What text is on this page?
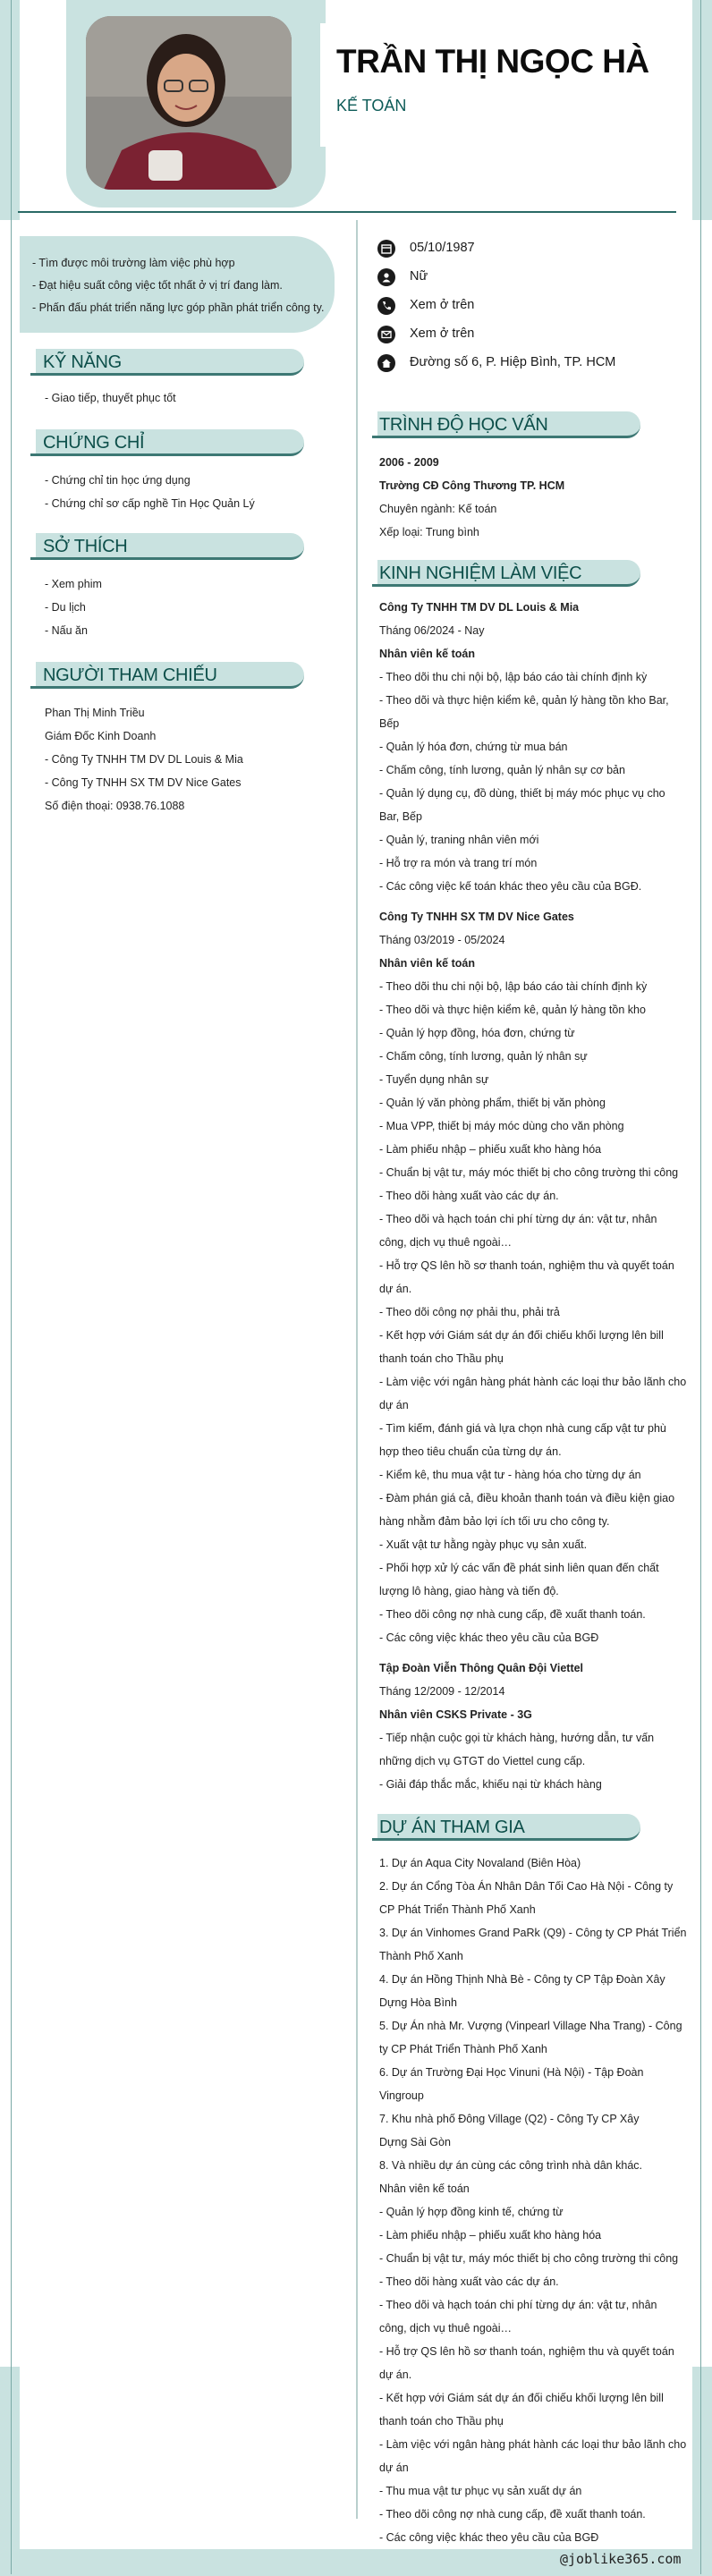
TRẦN THỊ NGỌC HÀ
KẾ TOÁN

- Tìm được môi trường làm việc phù hợp

- Đạt hiệu suất công việc tốt nhất ở vị trí đang làm.

- Phấn đấu phát triển năng lực góp phần phát triển công ty.

KỸ NĂNG
- Giao tiếp, thuyết phục tốt
CHỨNG CHỈ
- Chứng chỉ tin học ứng dụng
- Chứng chỉ sơ cấp nghề Tin Học Quản Lý
SỞ THÍCH
- Xem phim
- Du lịch
- Nấu ăn
NGƯỜI THAM CHIẾU
Phan Thị Minh Triều
Giám Đốc Kinh Doanh
- Công Ty TNHH TM DV DL Louis & Mia
- Công Ty TNHH SX TM DV Nice Gates
Số điện thoại: 0938.76.1088
05/10/1987
Nữ
Xem ở trên
Xem ở trên
Đường số 6, P. Hiệp Bình, TP. HCM
TRÌNH ĐỘ HỌC VẤN
2006 - 2009
Trường CĐ Công Thương TP. HCM
Chuyên ngành: Kế toán
Xếp loại: Trung bình
KINH NGHIỆM LÀM VIỆC
Công Ty TNHH TM DV DL Louis & Mia
Tháng 06/2024 - Nay
Nhân viên kế toán
- Theo dõi thu chi nội bộ, lập báo cáo tài chính định kỳ
- Theo dõi và thực hiện kiểm kê, quản lý hàng tồn kho Bar,
Bếp
- Quản lý hóa đơn, chứng từ mua bán
- Chấm công, tính lương, quản lý nhân sự cơ bản
- Quản lý dụng cụ, đồ dùng, thiết bị máy móc phục vụ cho
Bar, Bếp
- Quản lý, traning nhân viên mới
- Hỗ trợ ra món và trang trí món
- Các công việc kế toán khác theo yêu cầu của BGĐ.
Công Ty TNHH SX TM DV Nice Gates
Tháng 03/2019 - 05/2024
Nhân viên kế toán
- Theo dõi thu chi nội bộ, lập báo cáo tài chính định kỳ
- Theo dõi và thực hiện kiểm kê, quản lý hàng tồn kho
- Quản lý hợp đồng, hóa đơn, chứng từ
- Chấm công, tính lương, quản lý nhân sự
- Tuyển dụng nhân sự
- Quản lý văn phòng phẩm, thiết bị văn phòng
- Mua VPP, thiết bị máy móc dùng cho văn phòng
- Làm phiếu nhập – phiếu xuất kho hàng hóa
- Chuẩn bị vật tư, máy móc thiết bị cho công trường thi công
- Theo dõi hàng xuất vào các dự án.
- Theo dõi và hạch toán chi phí từng dự án: vật tư, nhân
công, dịch vụ thuê ngoài…
- Hỗ trợ QS lên hồ sơ thanh toán, nghiệm thu và quyết toán
dự án.
- Theo dõi công nợ phải thu, phải trả
- Kết hợp với Giám sát dự án đối chiếu khối lượng lên bill
thanh toán cho Thầu phụ
- Làm việc với ngân hàng phát hành các loại thư bảo lãnh cho
dự án
- Tìm kiếm, đánh giá và lựa chọn nhà cung cấp vật tư phù
hợp theo tiêu chuẩn của từng dự án.
- Kiểm kê, thu mua vật tư - hàng hóa cho từng dự án
- Đàm phán giá cả, điều khoản thanh toán và điều kiện giao
hàng nhằm đảm bảo lợi ích tối ưu cho công ty.
- Xuất vật tư hằng ngày phục vụ sản xuất.
- Phối hợp xử lý các vấn đề phát sinh liên quan đến chất
lượng lô hàng, giao hàng và tiến độ.
- Theo dõi công nợ nhà cung cấp, đề xuất thanh toán.
- Các công việc khác theo yêu cầu của BGĐ
Tập Đoàn Viễn Thông Quân Đội Viettel
Tháng 12/2009 - 12/2014
Nhân viên CSKS Private - 3G
- Tiếp nhận cuộc gọi từ khách hàng, hướng dẫn, tư vấn
những dịch vụ GTGT do Viettel cung cấp.
- Giải đáp thắc mắc, khiếu nại từ khách hàng
DỰ ÁN THAM GIA
1. Dự án Aqua City Novaland (Biên Hòa)
2. Dự án Cổng Tòa Án Nhân Dân Tối Cao Hà Nội - Công ty
CP Phát Triển Thành Phố Xanh
3. Dự án Vinhomes Grand PaRk (Q9) - Công ty CP Phát Triển
Thành Phố Xanh
4. Dự án Hồng Thịnh Nhà Bè - Công ty CP Tập Đoàn Xây
Dựng Hòa Bình
5. Dự Án nhà Mr. Vượng (Vinpearl Village Nha Trang) - Công
ty CP Phát Triển Thành Phố Xanh
6. Dự án Trường Đại Học Vinuni (Hà Nội) - Tập Đoàn
Vingroup
7. Khu nhà phố Đông Village (Q2) - Công Ty CP Xây
Dựng Sài Gòn
8. Và nhiều dự án cùng các công trình nhà dân khác.
Nhân viên kế toán
- Quản lý hợp đồng kinh tế, chứng từ
- Làm phiếu nhập – phiếu xuất kho hàng hóa
- Chuẩn bị vật tư, máy móc thiết bị cho công trường thi công
- Theo dõi hàng xuất vào các dự án.
- Theo dõi và hạch toán chi phí từng dự án: vật tư, nhân
công, dịch vụ thuê ngoài…
- Hỗ trợ QS lên hồ sơ thanh toán, nghiệm thu và quyết toán
dự án.
- Kết hợp với Giám sát dự án đối chiếu khối lượng lên bill
thanh toán cho Thầu phụ
- Làm việc với ngân hàng phát hành các loại thư bảo lãnh cho
dự án
- Thu mua vật tư phục vụ sản xuất dự án
- Theo dõi công nợ nhà cung cấp, đề xuất thanh toán.
- Các công việc khác theo yêu cầu của BGĐ
@joblike365.com
